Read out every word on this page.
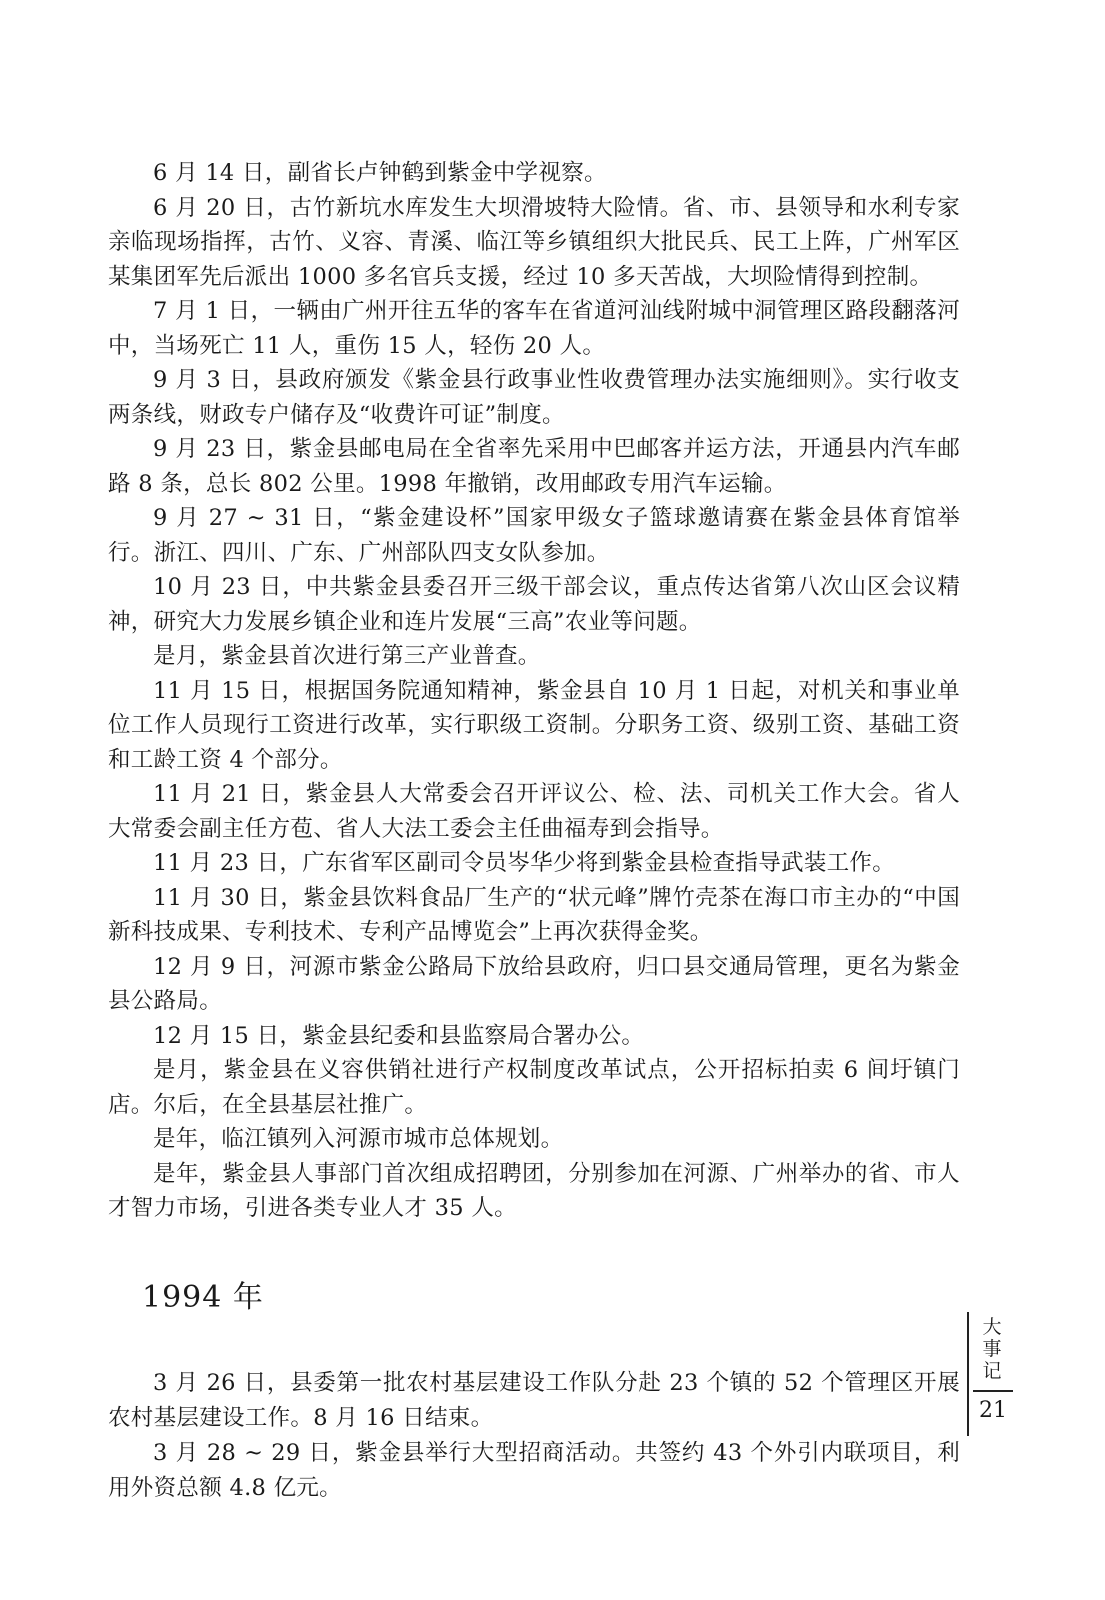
6 月 14 日，副省长卢钟鹤到紫金中学视察。

6 月 20 日，古竹新坑水库发生大坝滑坡特大险情。省、市、县领导和水利专家亲临现场指挥，古竹、义容、青溪、临江等乡镇组织大批民兵、民工上阵，广州军区某集团军先后派出 1000 多名官兵支援，经过 10 多天苦战，大坝险情得到控制。

7 月 1 日，一辆由广州开往五华的客车在省道河汕线附城中洞管理区路段翻落河中，当场死亡 11 人，重伤 15 人，轻伤 20 人。

9 月 3 日，县政府颁发《紫金县行政事业性收费管理办法实施细则》。实行收支两条线，财政专户储存及“收费许可证”制度。

9 月 23 日，紫金县邮电局在全省率先采用中巴邮客并运方法，开通县内汽车邮路 8 条，总长 802 公里。1998 年撤销，改用邮政专用汽车运输。

9 月 27 ~ 31 日，“紫金建设杯”国家甲级女子篮球邀请赛在紫金县体育馆举行。浙江、四川、广东、广州部队四支女队参加。

10 月 23 日，中共紫金县委召开三级干部会议，重点传达省第八次山区会议精神，研究大力发展乡镇企业和连片发展“三高”农业等问题。

是月，紫金县首次进行第三产业普查。

11 月 15 日，根据国务院通知精神，紫金县自 10 月 1 日起，对机关和事业单位工作人员现行工资进行改革，实行职级工资制。分职务工资、级别工资、基础工资和工龄工资 4 个部分。

11 月 21 日，紫金县人大常委会召开评议公、检、法、司机关工作大会。省人大常委会副主任方苞、省人大法工委会主任曲福寿到会指导。

11 月 23 日，广东省军区副司令员岑华少将到紫金县检查指导武装工作。

11 月 30 日，紫金县饮料食品厂生产的“状元峰”牌竹壳茶在海口市主办的“中国新科技成果、专利技术、专利产品博览会”上再次获得金奖。

12 月 9 日，河源市紫金公路局下放给县政府，归口县交通局管理，更名为紫金县公路局。

12 月 15 日，紫金县纪委和县监察局合署办公。

是月，紫金县在义容供销社进行产权制度改革试点，公开招标拍卖 6 间圩镇门店。尔后，在全县基层社推广。

是年，临江镇列入河源市城市总体规划。

是年，紫金县人事部门首次组成招聘团，分别参加在河源、广州举办的省、市人才智力市场，引进各类专业人才 35 人。

1994 年

3 月 26 日，县委第一批农村基层建设工作队分赴 23 个镇的 52 个管理区开展农村基层建设工作。8 月 16 日结束。

3 月 28 ~ 29 日，紫金县举行大型招商活动。共签约 43 个外引内联项目，利用外资总额 4.8 亿元。

大事记
21
